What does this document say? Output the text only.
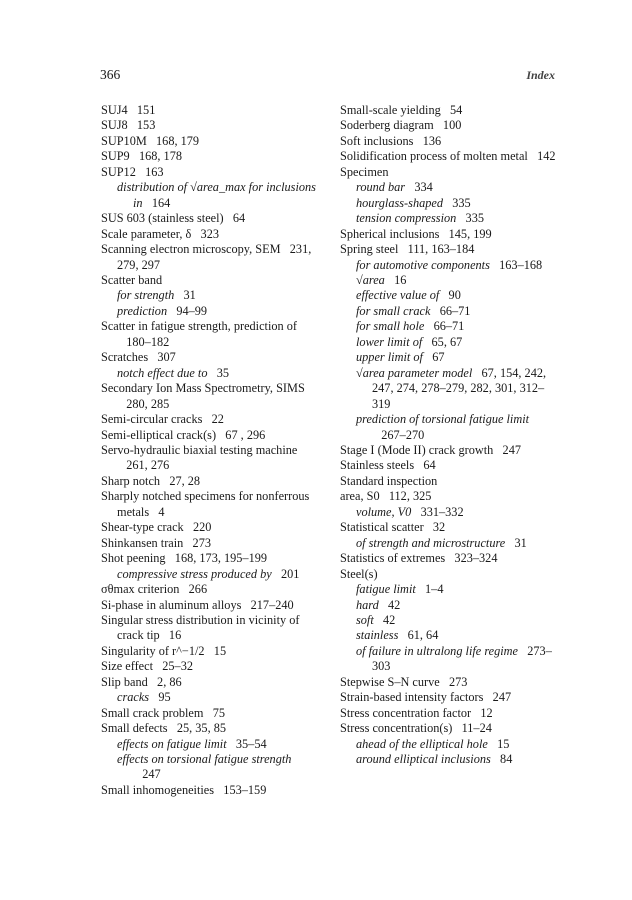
366	Index
SUJ4 151
SUJ8 153
SUP10M 168, 179
SUP9 168, 178
SUP12 163
distribution of √area_max for inclusions in 164
SUS 603 (stainless steel) 64
Scale parameter, δ 323
Scanning electron microscopy, SEM 231, 279, 297
Scatter band
for strength 31
prediction 94–99
Scatter in fatigue strength, prediction of   180–182
Scratches 307
notch effect due to 35
Secondary Ion Mass Spectrometry, SIMS   280, 285
Semi-circular cracks 22
Semi-elliptical crack(s) 67 , 296
Servo-hydraulic biaxial testing machine   261, 276
Sharp notch 27, 28
Sharply notched specimens for nonferrous metals 4
Shear-type crack 220
Shinkansen train 273
Shot peening 168, 173, 195–199
compressive stress produced by 201
σθmax criterion 266
Si-phase in aluminum alloys 217–240
Singular stress distribution in vicinity of crack tip 16
Singularity of r^−1/2 15
Size effect 25–32
Slip band 2, 86
cracks 95
Small crack problem 75
Small defects 25, 35, 85
effects on fatigue limit 35–54
effects on torsional fatigue strength   247
Small inhomogeneities 153–159
Small-scale yielding 54
Soderberg diagram 100
Soft inclusions 136
Solidification process of molten metal 142
Specimen
round bar 334
hourglass-shaped 335
tension compression 335
Spherical inclusions 145, 199
Spring steel 111, 163–184
for automotive components 163–168
√area 16
effective value of 90
for small crack 66–71
for small hole 66–71
lower limit of 65, 67
upper limit of 67
√area parameter model 67, 154, 242, 247, 274, 278–279, 282, 301, 312–319
prediction of torsional fatigue limit   267–270
Stage I (Mode II) crack growth 247
Stainless steels 64
Standard inspection
area, S0 112, 325
volume, V0 331–332
Statistical scatter 32
of strength and microstructure 31
Statistics of extremes 323–324
Steel(s)
fatigue limit 1–4
hard 42
soft 42
stainless 61, 64
of failure in ultralong life regime 273–303
Stepwise S–N curve 273
Strain-based intensity factors 247
Stress concentration factor 12
Stress concentration(s) 11–24
ahead of the elliptical hole 15
around elliptical inclusions 84
